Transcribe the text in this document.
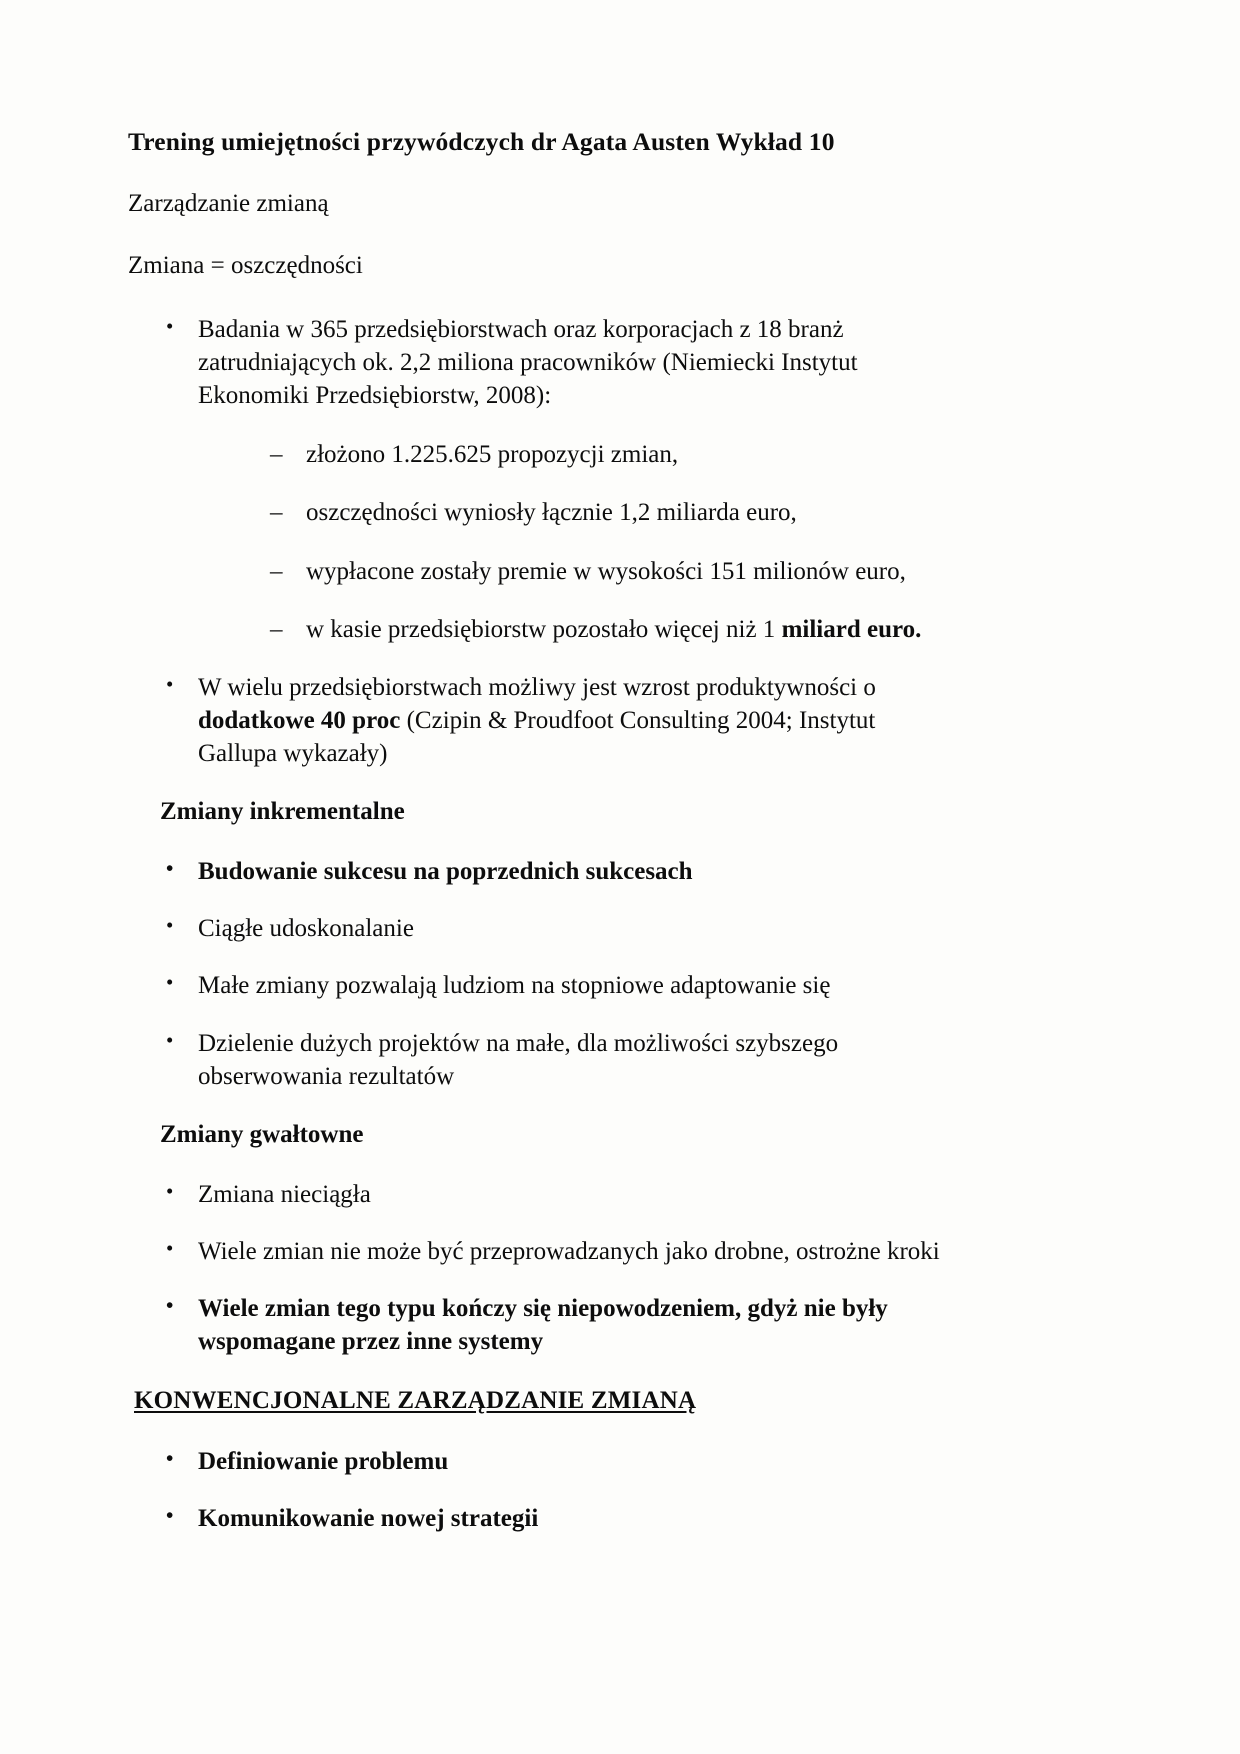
Trening umiejętności przywódczych dr Agata Austen Wykład 10

Zarządzanie zmianą

Zmiana = oszczędności

• Badania w 365 przedsiębiorstwach oraz korporacjach z 18 branż
zatrudniających ok. 2,2 miliona pracowników (Niemiecki Instytut
Ekonomiki Przedsiębiorstw, 2008):
– złożono 1.225.625 propozycji zmian,
– oszczędności wyniosły łącznie 1,2 miliarda euro,
– wypłacone zostały premie w wysokości 151 milionów euro,
– w kasie przedsiębiorstw pozostało więcej niż 1 miliard euro.
• W wielu przedsiębiorstwach możliwy jest wzrost produktywności o
dodatkowe 40 proc (Czipin & Proudfoot Consulting 2004; Instytut
Gallupa wykazały)
Zmiany inkrementalne
• Budowanie sukcesu na poprzednich sukcesach
• Ciągłe udoskonalanie
• Małe zmiany pozwalają ludziom na stopniowe adaptowanie się
• Dzielenie dużych projektów na małe, dla możliwości szybszego
obserwowania rezultatów
Zmiany gwałtowne
• Zmiana nieciągła
• Wiele zmian nie może być przeprowadzanych jako drobne, ostrożne kroki
• Wiele zmian tego typu kończy się niepowodzeniem, gdyż nie były
wspomagane przez inne systemy
KONWENCJONALNE ZARZĄDZANIE ZMIANĄ
• Definiowanie problemu
• Komunikowanie nowej strategii
